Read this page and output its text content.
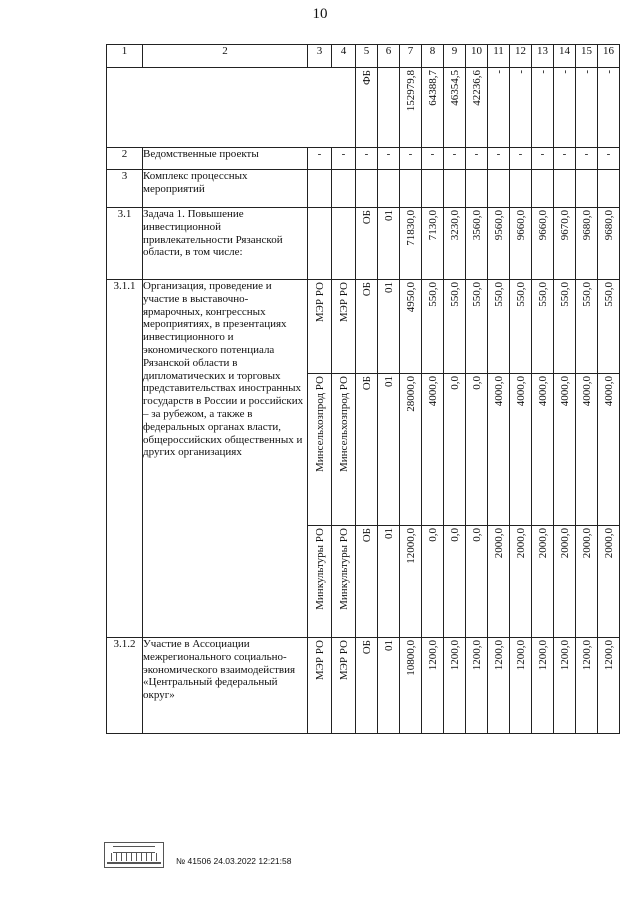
10
1	2	3	4	5	6	7	8	9	10	11	12	13	14	15	16

				ФБ		152979,8	64388,7	46354,5	42236,6	-	-	-	-	-	-

2	Ведомственные проекты	-	-	-	-	-	-	-	-	-	-	-	-	-	-
3	Комплекс процессных мероприятий														
3.1	Задача 1. Повышение инвестиционной привлекательности Рязанской области, в том числе:			ОБ	01	71830,0	7130,0	3230,0	3560,0	9560,0	9660,0	9660,0	9670,0	9680,0	9680,0

3.1.1	Организация, проведение и участие в выставочно-ярмарочных, конгрессных мероприятиях, в презентациях инвестиционного и экономического потенциала Рязанской области в дипломатических и торговых представительствах иностранных государств в России и российских – за рубежом, а также в федеральных органах власти, общероссийских общественных и других организациях	МЭР РО	МЭР РО	ОБ	01	4950,0	550,0	550,0	550,0	550,0	550,0	550,0	550,0	550,0	550,0

		Минсельхозпрод РО	Минсельхозпрод РО	ОБ	01	28000,0	4000,0	0,0	0,0	4000,0	4000,0	4000,0	4000,0	4000,0	4000,0

		Минкультуры РО	Минкультуры РО	ОБ	01	12000,0	0,0	0,0	0,0	2000,0	2000,0	2000,0	2000,0	2000,0	2000,0

3.1.2	Участие в Ассоциации межрегионального социально-экономического взаимодействия «Центральный федеральный округ»	МЭР РО	МЭР РО	ОБ	01	10800,0	1200,0	1200,0	1200,0	1200,0	1200,0	1200,0	1200,0	1200,0	1200,0
№ 41506 24.03.2022 12:21:58
